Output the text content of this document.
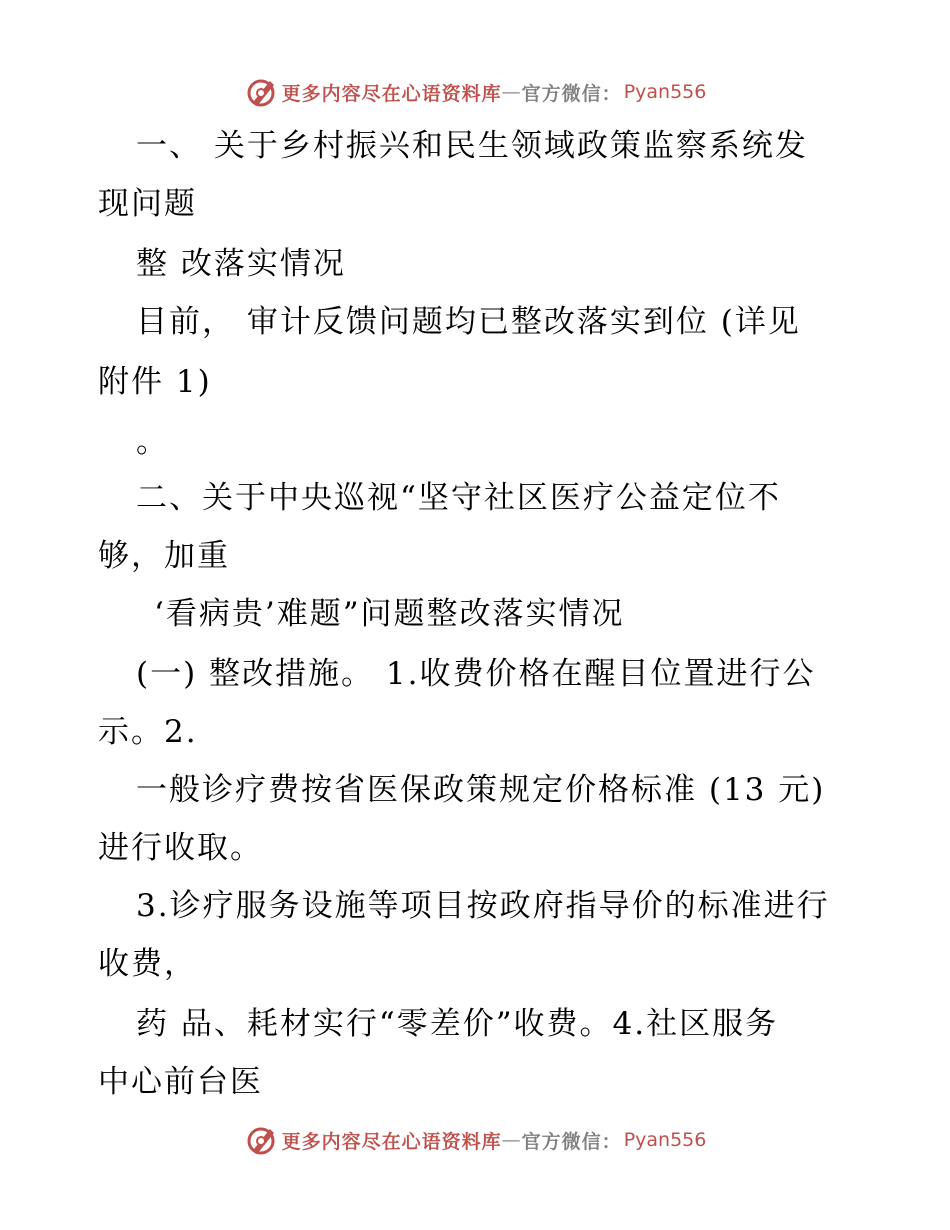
更多内容尽在心语资料库 — 官方微信： Pyan556
一、 关于乡村振兴和民生领域政策监察系统发
现问题
整 改落实情况
目前， 审计反馈问题均已整改落实到位 (详见
附件 1)
。
二、关于中央巡视“坚守社区医疗公益定位不
够，加重
‘看病贵’难题”问题整改落实情况
(一) 整改措施。 1.收费价格在醒目位置进行公
示。2.
一般诊疗费按省医保政策规定价格标准 (13 元)
进行收取。
3.诊疗服务设施等项目按政府指导价的标准进行
收费，
药 品、耗材实行“零差价”收费。4.社区服务
中心前台医
更多内容尽在心语资料库 — 官方微信： Pyan556
